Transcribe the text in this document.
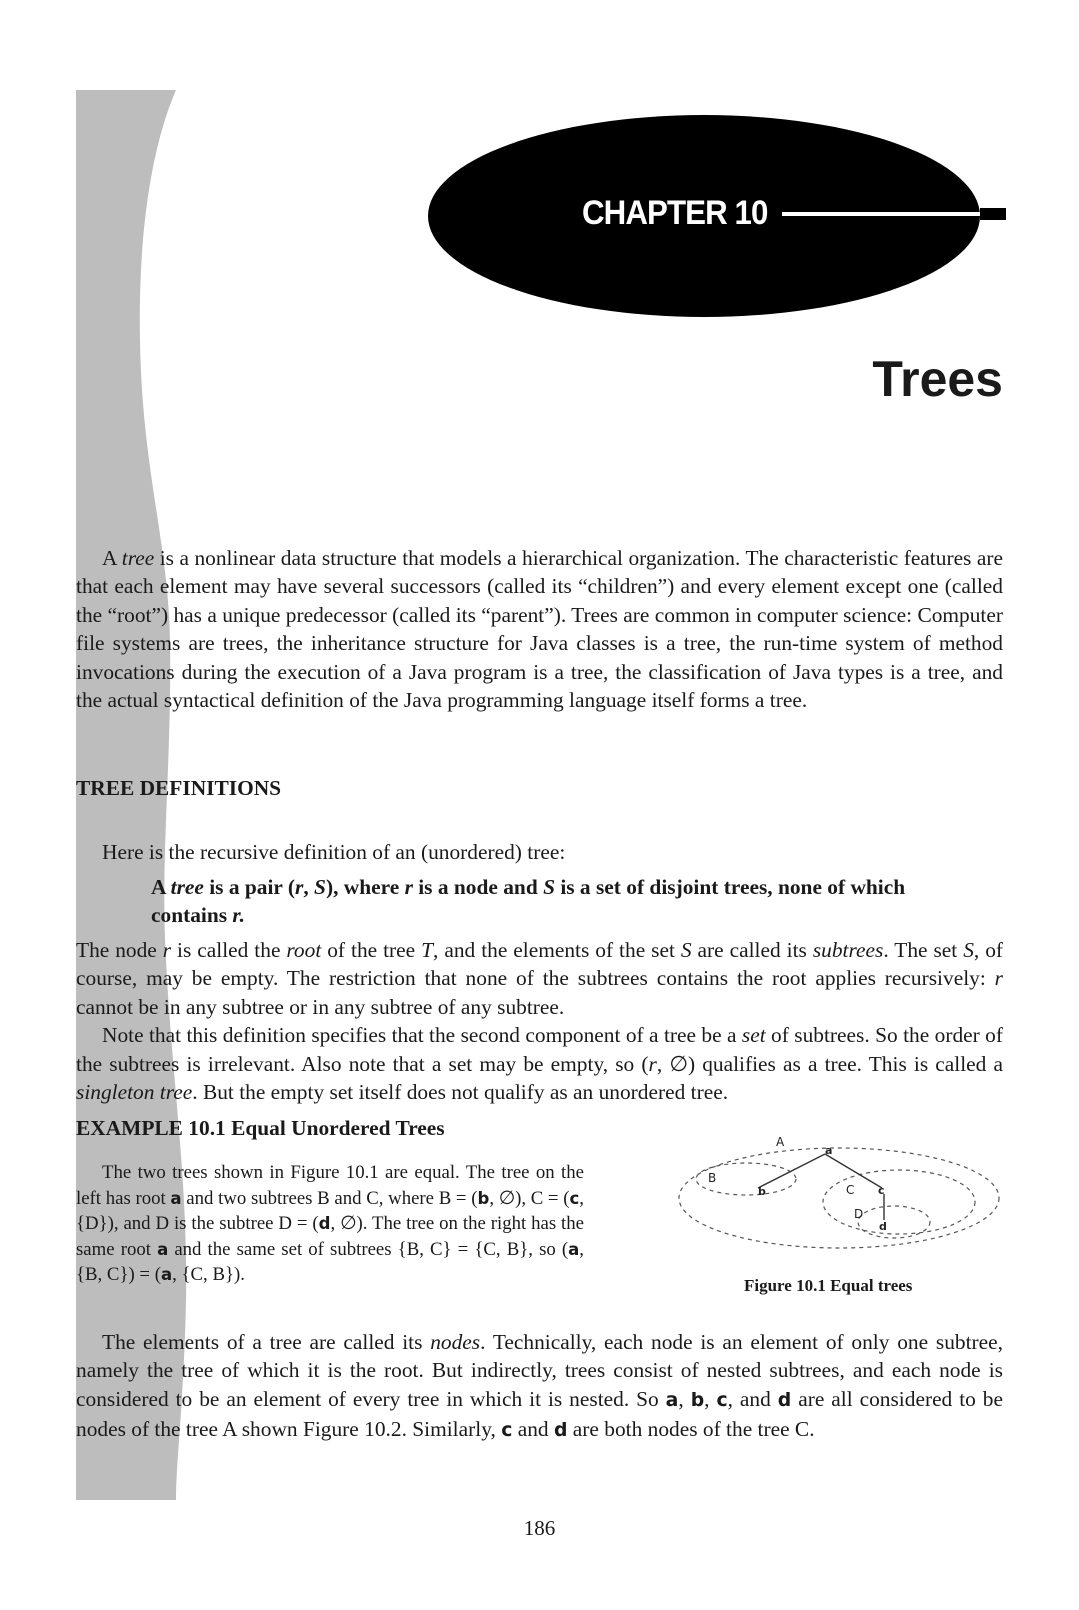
CHAPTER 10
Trees

A tree is a nonlinear data structure that models a hierarchical organization. The characteristic features are that each element may have several successors (called its “children”) and every element except one (called the “root”) has a unique predecessor (called its “parent”). Trees are common in computer science: Computer file systems are trees, the inheritance structure for Java classes is a tree, the run-time system of method invocations during the execution of a Java program is a tree, the classification of Java types is a tree, and the actual syntactical definition of the Java programming language itself forms a tree.

TREE DEFINITIONS

Here is the recursive definition of an (unordered) tree:

A tree is a pair (r, S), where r is a node and S is a set of disjoint trees, none of which contains r.

The node r is called the root of the tree T, and the elements of the set S are called its subtrees. The set S, of course, may be empty. The restriction that none of the subtrees contains the root applies recursively: r cannot be in any subtree or in any subtree of any subtree.

Note that this definition specifies that the second component of a tree be a set of subtrees. So the order of the subtrees is irrelevant. Also note that a set may be empty, so (r, ∅) qualifies as a tree. This is called a singleton tree. But the empty set itself does not qualify as an unordered tree.

EXAMPLE 10.1 Equal Unordered Trees

The two trees shown in Figure 10.1 are equal. The tree on the left has root a and two subtrees B and C, where B = (b, ∅), C = (c, {D}), and D is the subtree D = (d, ∅). The tree on the right has the same root a and the same set of subtrees {B, C} = {C, B}, so (a, {B, C}) = (a, {C, B}).

A
a
B
b	C c
D
d
Figure 10.1 Equal trees

The elements of a tree are called its nodes. Technically, each node is an element of only one subtree, namely the tree of which it is the root. But indirectly, trees consist of nested subtrees, and each node is considered to be an element of every tree in which it is nested. So a, b, c, and d are all considered to be nodes of the tree A shown Figure 10.2. Similarly, c and d are both nodes of the tree C.

186
